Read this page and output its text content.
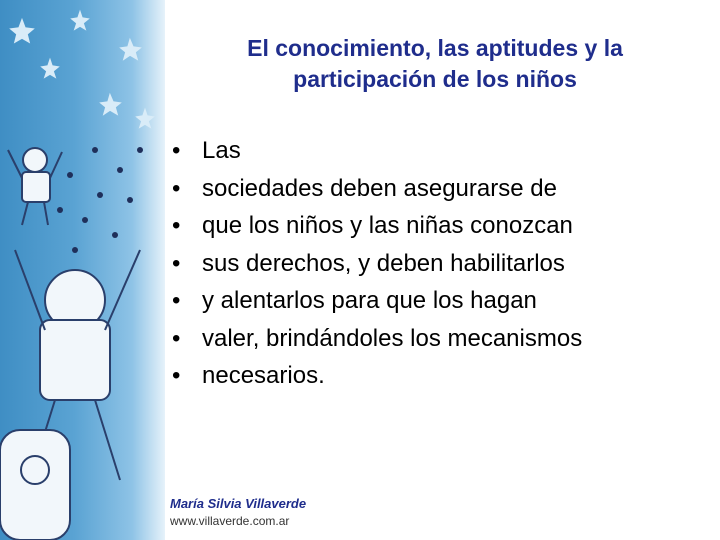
El conocimiento, las aptitudes y la
participación de los niños
• Las
• sociedades deben asegurarse de
• que los niños y las niñas conozcan
• sus derechos, y deben habilitarlos
• y alentarlos para que los hagan
• valer, brindándoles los mecanismos
• necesarios.
María Silvia Villaverde
www.villaverde.com.ar
